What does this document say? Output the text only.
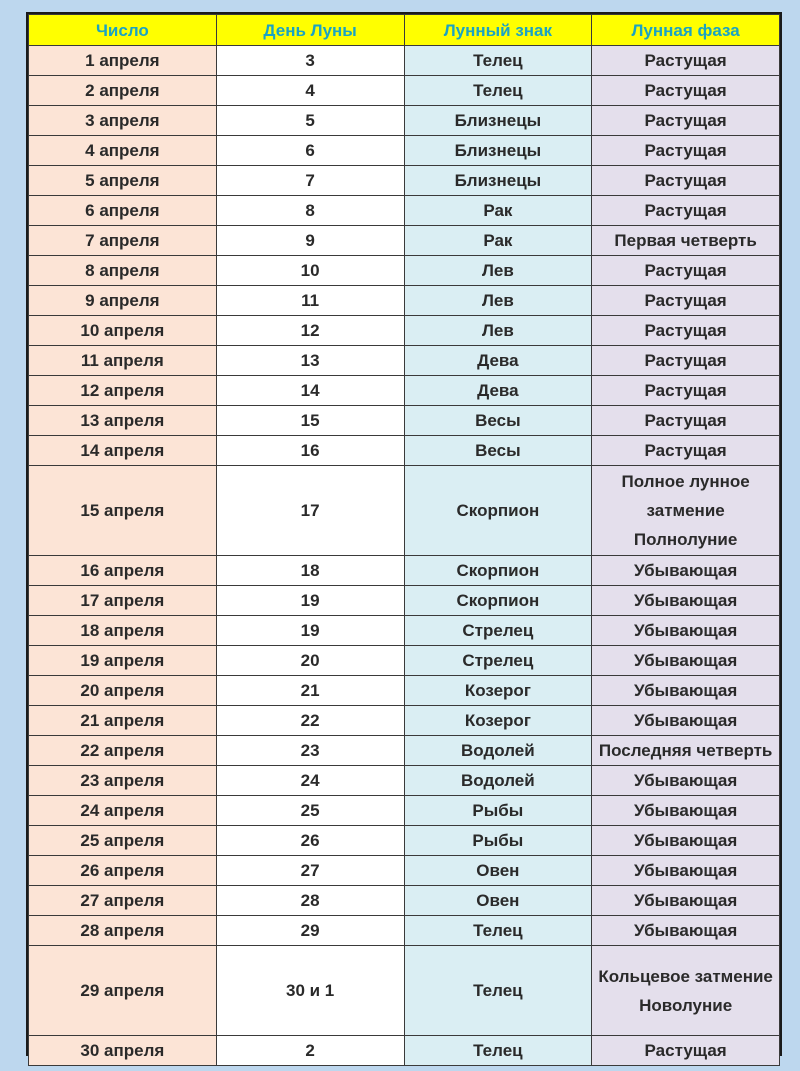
Число	День Луны	Лунный знак	Лунная фаза
1 апреля	3	Телец	Растущая

2 апреля	4	Телец	Растущая

3 апреля	5	Близнецы	Растущая

4 апреля	6	Близнецы	Растущая

5 апреля	7	Близнецы	Растущая

6 апреля	8	Рак	Растущая

7 апреля	9	Рак	Первая четверть

8 апреля	10	Лев	Растущая

9 апреля	11	Лев	Растущая

10 апреля	12	Лев	Растущая

11 апреля	13	Дева	Растущая

12 апреля	14	Дева	Растущая

13 апреля	15	Весы	Растущая

14 апреля	16	Весы	Растущая

15 апреля	17	Скорпион	Полное лунное
затмение
Полнолуние

16 апреля	18	Скорпион	Убывающая

17 апреля	19	Скорпион	Убывающая

18 апреля	19	Стрелец	Убывающая

19 апреля	20	Стрелец	Убывающая

20 апреля	21	Козерог	Убывающая

21 апреля	22	Козерог	Убывающая

22 апреля	23	Водолей	Последняя четверть

23 апреля	24	Водолей	Убывающая

24 апреля	25	Рыбы	Убывающая

25 апреля	26	Рыбы	Убывающая

26 апреля	27	Овен	Убывающая

27 апреля	28	Овен	Убывающая

28 апреля	29	Телец	Убывающая

29 апреля	30 и 1	Телец	Кольцевое затмение
Новолуние

30 апреля	2	Телец	Растущая
